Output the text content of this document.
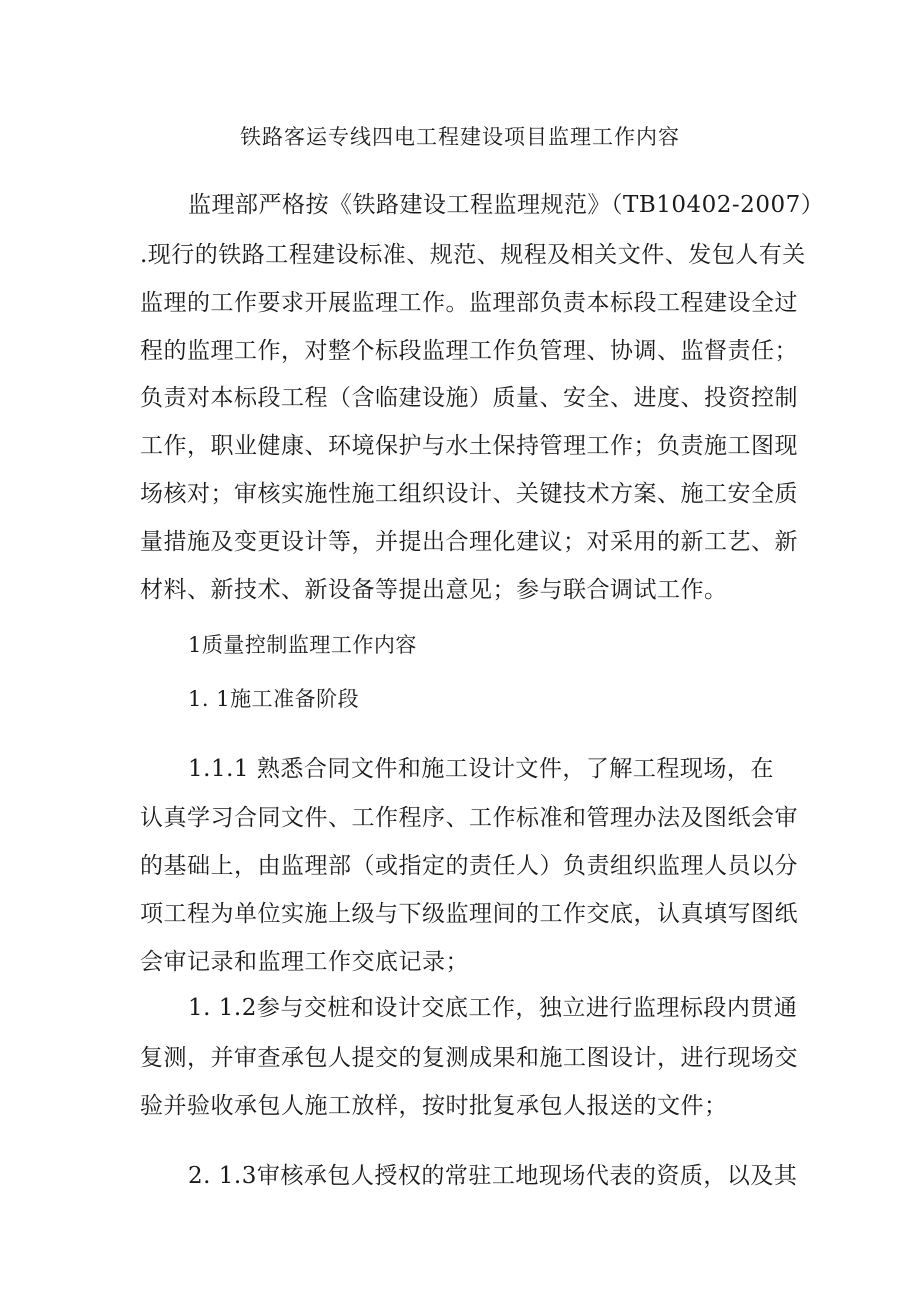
铁路客运专线四电工程建设项目监理工作内容
监理部严格按《铁路建设工程监理规范》（TB10402-2007）
.现行的铁路工程建设标准、规范、规程及相关文件、发包人有关
监理的工作要求开展监理工作。监理部负责本标段工程建设全过
程的监理工作，对整个标段监理工作负管理、协调、监督责任；
负责对本标段工程（含临建设施）质量、安全、进度、投资控制
工作，职业健康、环境保护与水土保持管理工作；负责施工图现
场核对；审核实施性施工组织设计、关键技术方案、施工安全质
量措施及变更设计等，并提出合理化建议；对采用的新工艺、新
材料、新技术、新设备等提出意见；参与联合调试工作。
1质量控制监理工作内容
1. 1施工准备阶段
1.1.1 熟悉合同文件和施工设计文件，了解工程现场，在
认真学习合同文件、工作程序、工作标准和管理办法及图纸会审
的基础上，由监理部（或指定的责任人）负责组织监理人员以分
项工程为单位实施上级与下级监理间的工作交底，认真填写图纸
会审记录和监理工作交底记录；
1. 1.2参与交桩和设计交底工作，独立进行监理标段内贯通
复测，并审查承包人提交的复测成果和施工图设计，进行现场交
验并验收承包人施工放样，按时批复承包人报送的文件；
2. 1.3审核承包人授权的常驻工地现场代表的资质，以及其
